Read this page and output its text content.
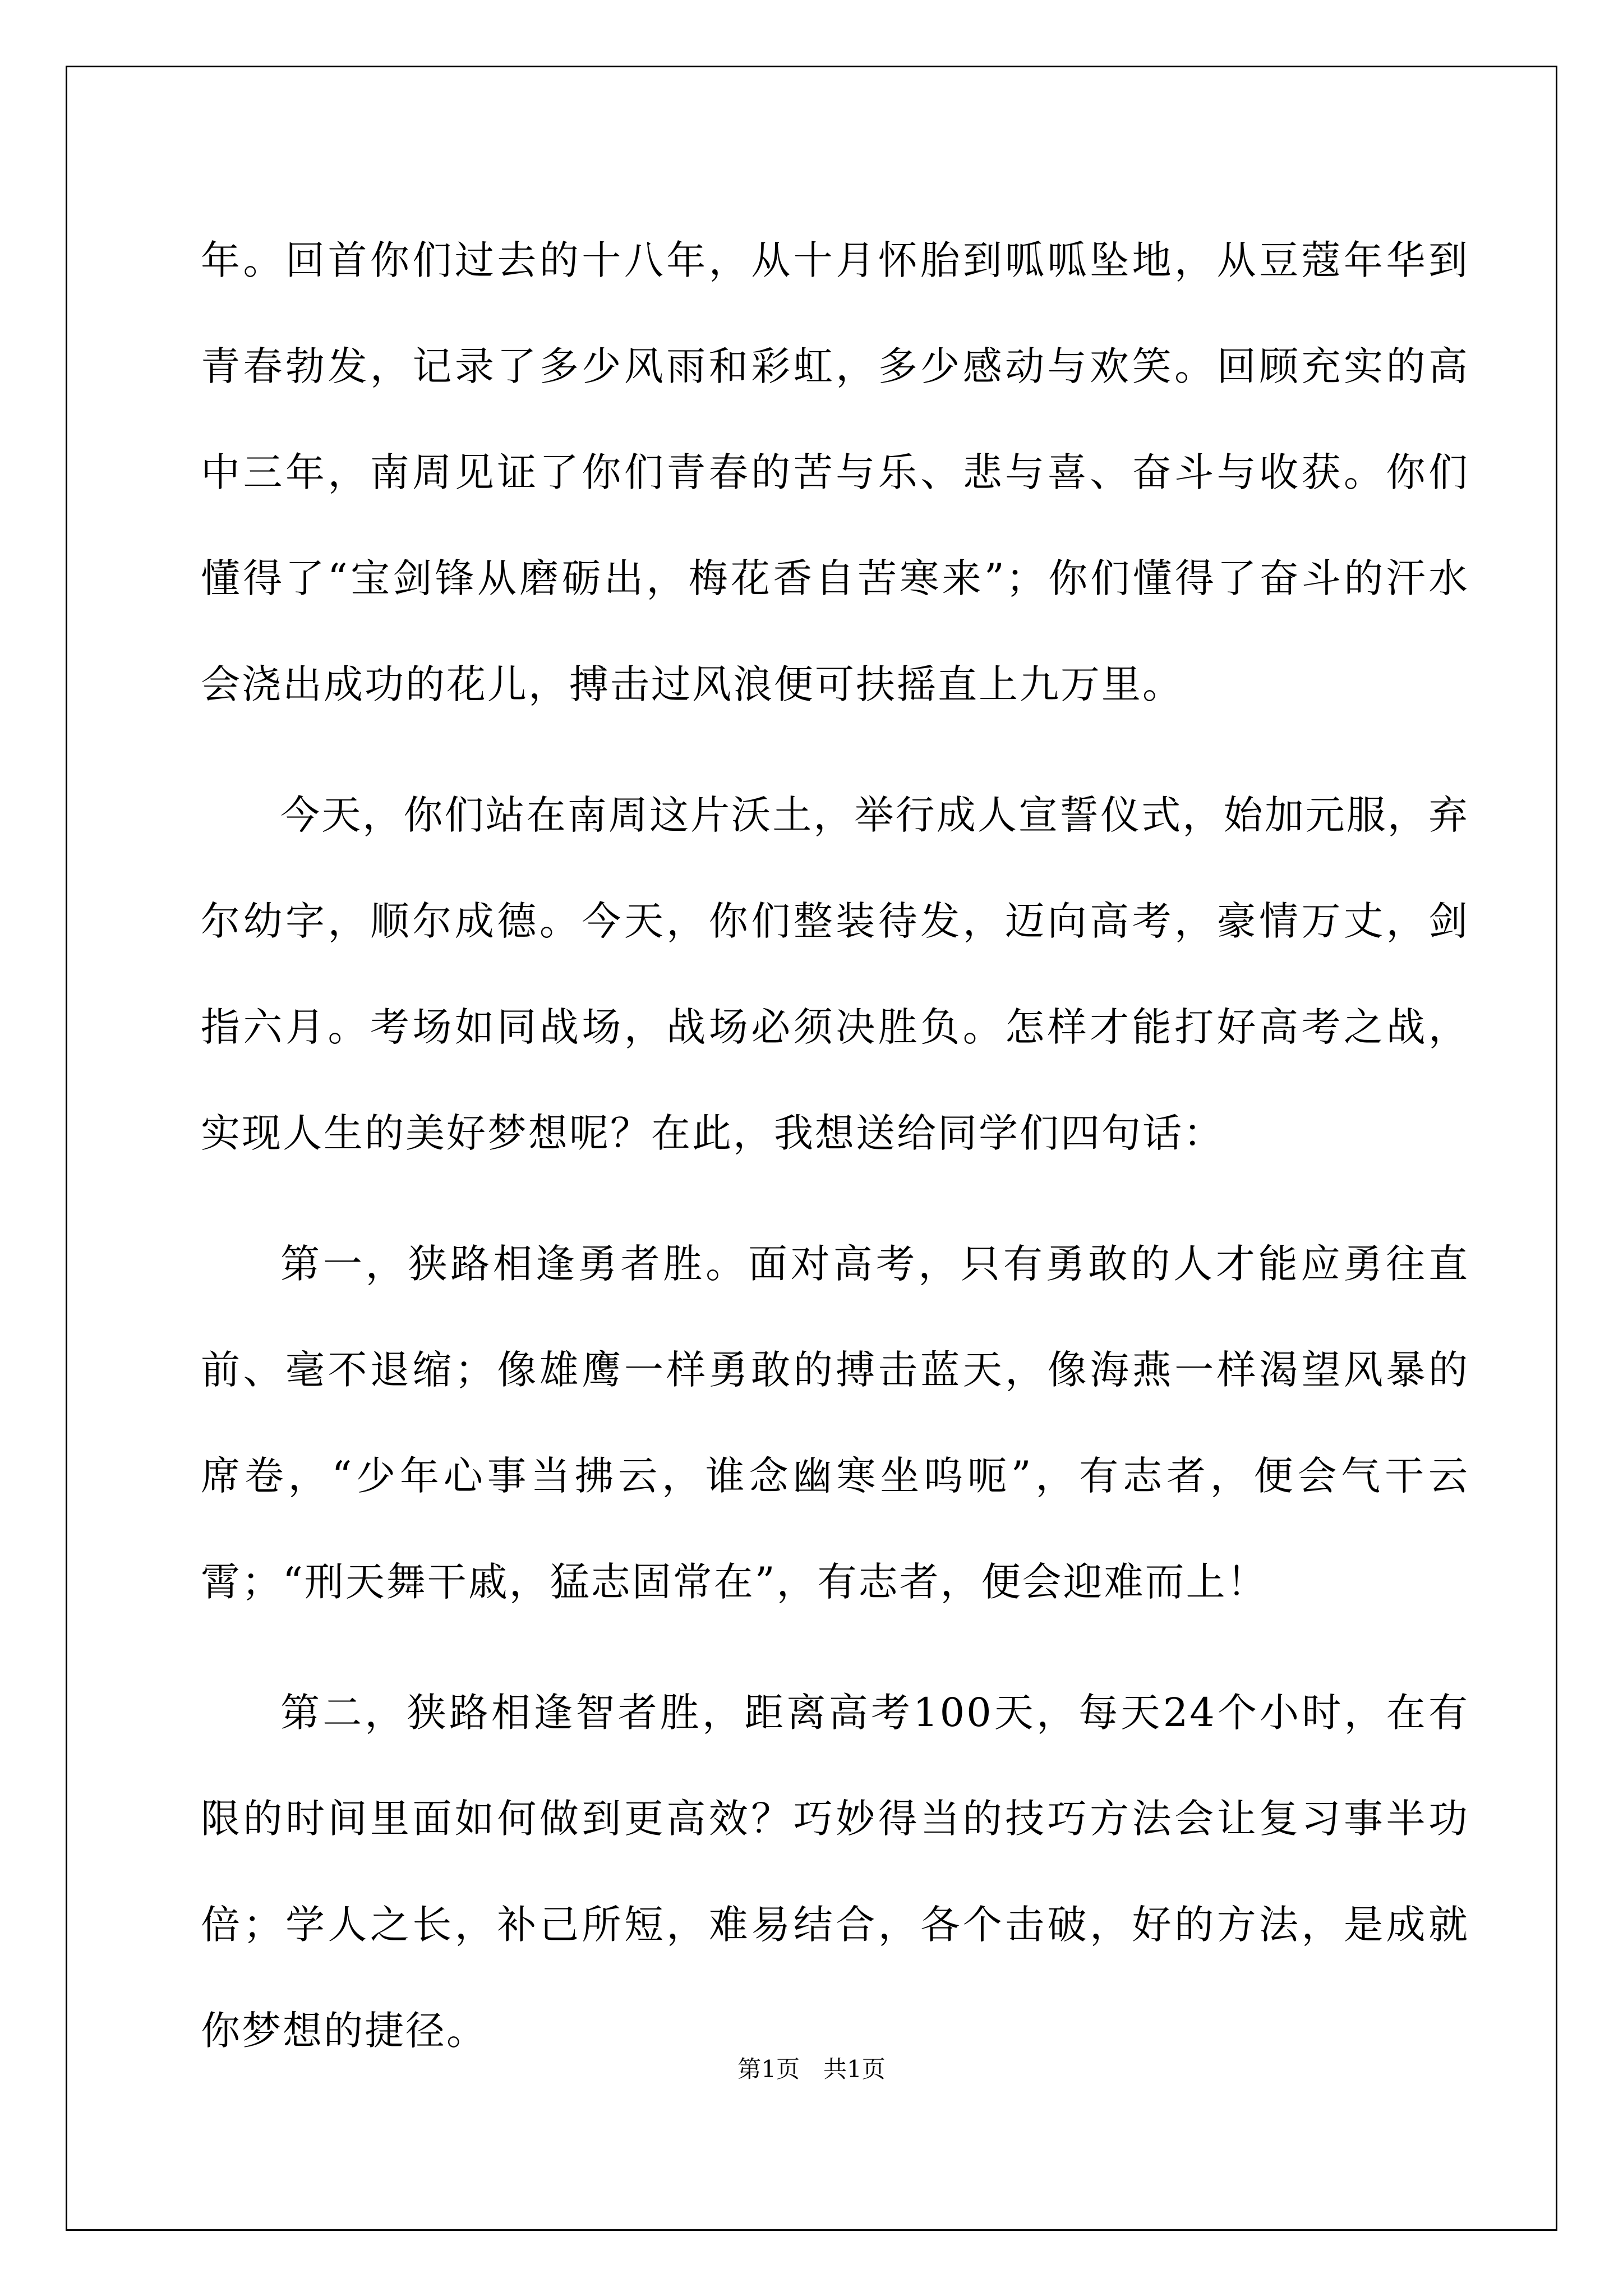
年。回首你们过去的十八年，从十月怀胎到呱呱坠地，从豆蔻年华到青春勃发，记录了多少风雨和彩虹，多少感动与欢笑。回顾充实的高中三年，南周见证了你们青春的苦与乐、悲与喜、奋斗与收获。你们懂得了“宝剑锋从磨砺出，梅花香自苦寒来”；你们懂得了奋斗的汗水会浇出成功的花儿，搏击过风浪便可扶摇直上九万里。

今天，你们站在南周这片沃土，举行成人宣誓仪式，始加元服，弃尔幼字，顺尔成德。今天，你们整装待发，迈向高考，豪情万丈，剑指六月。考场如同战场，战场必须决胜负。怎样才能打好高考之战，实现人生的美好梦想呢？在此，我想送给同学们四句话：

第一，狭路相逢勇者胜。面对高考，只有勇敢的人才能应勇往直前、毫不退缩；像雄鹰一样勇敢的搏击蓝天，像海燕一样渴望风暴的席卷，“少年心事当拂云，谁念幽寒坐呜呃”，有志者，便会气干云霄；“刑天舞干戚，猛志固常在”，有志者，便会迎难而上！

第二，狭路相逢智者胜，距离高考100天，每天24个小时，在有限的时间里面如何做到更高效？巧妙得当的技巧方法会让复习事半功倍；学人之长，补己所短，难易结合，各个击破，好的方法，是成就你梦想的捷径。

第1页　共1页
